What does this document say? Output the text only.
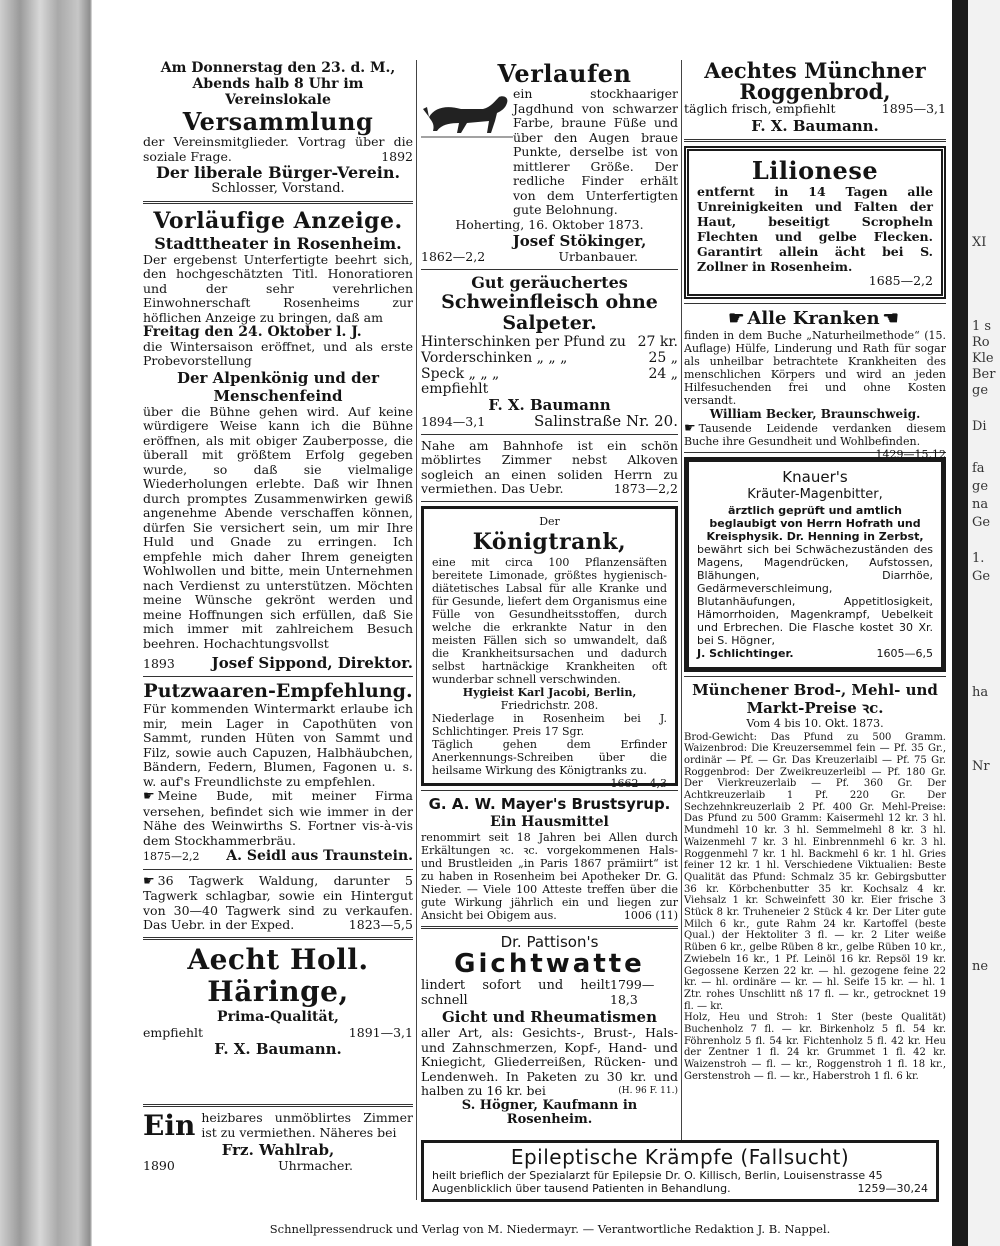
XI
1 s
Ro
Kle
Ber
ge
Di
fa
ge
na
Ge
1.
Ge
ha
Nr
ne

Am Donnerstag den 23. d. M.,

Abends halb 8 Uhr im Vereinslokale

Versammlung

der Vereinsmitglieder. Vortrag über die soziale Frage.	1892

Der liberale Bürger-Verein.
Schlosser, Vorstand.
Vorläufige Anzeige.
Stadttheater in Rosenheim.

Der ergebenst Unterfertigte beehrt sich, den hochgeschätzten Titl. Honoratioren und der sehr verehrlichen Einwohnerschaft Rosenheims zur höflichen Anzeige zu bringen, daß am

Freitag den 24. Oktober l. J.

die Wintersaison eröffnet, und als erste Probevorstellung

Der Alpenkönig und der
Menschenfeind

über die Bühne gehen wird. Auf keine würdigere Weise kann ich die Bühne eröffnen, als mit obiger Zauberposse, die überall mit größtem Erfolg gegeben wurde, so daß sie vielmalige Wiederholungen erlebte. Daß wir Ihnen durch promptes Zusammenwirken gewiß angenehme Abende verschaffen können, dürfen Sie versichert sein, um mir Ihre Huld und Gnade zu erringen. Ich empfehle mich daher Ihrem geneigten Wohlwollen und bitte, mein Unternehmen nach Verdienst zu unterstützen. Möchten meine Wünsche gekrönt werden und meine Hoffnungen sich erfüllen, daß Sie mich immer mit zahlreichem Besuch beehren. Hochachtungsvollst

1893 Josef Sippond, Direktor.
Putzwaaren-Empfehlung.

Für kommenden Wintermarkt erlaube ich mir, mein Lager in Capothüten von Sammt, runden Hüten von Sammt und Filz, sowie auch Capuzen, Halbhäubchen, Bändern, Federn, Blumen, Fagonen u. s. w. auf's Freundlichste zu empfehlen.

☛ Meine Bude, mit meiner Firma versehen, befindet sich wie immer in der Nähe des Weinwirths S. Fortner vis-à-vis dem Stockhammerbräu.

1875—2,2 A. Seidl aus Traunstein.

☛ 36 Tagwerk Waldung, darunter 5 Tagwerk schlagbar, sowie ein Hintergut von 30—40 Tagwerk sind zu verkaufen. Das Uebr. in der Exped.	1823—5,5

Aecht Holl. Häringe,
Prima-Qualität,
empfiehlt	1891—3,1
F. X. Baumann.
Ein heizbares unmöblirtes Zimmer ist zu vermiethen. Näheres bei

Frz. Wahlrab,
1890	Uhrmacher.
Verlaufen

ein stockhaariger Jagdhund von schwarzer Farbe, braune Füße und über den Augen braue Punkte, derselbe ist von mittlerer Größe. Der redliche Finder erhält von dem Unterfertigten gute Belohnung.

Hoherting, 16. Oktober 1873.

Josef Stökinger,
1862—2,2	Urbanbauer.
Gut geräuchertes
Schweinfleisch ohne Salpeter.
Hinterschinken per Pfund zu 27 kr.
Vorderschinken „ „ „	25 „
Speck „ „ „	24 „

empfiehlt

F. X. Baumann
1894—3,1	Salinstraße Nr. 20.

Nahe am Bahnhofe ist ein schön möblirtes Zimmer nebst Alkoven sogleich an einen soliden Herrn zu vermiethen. Das Uebr.	1873—2,2

Der
Königtrank,

eine mit circa 100 Pflanzensäften bereitete Limonade, größtes hygienisch-diätetisches Labsal für alle Kranke und für Gesunde, liefert dem Organismus eine Fülle von Gesundheitsstoffen, durch welche die erkrankte Natur in den meisten Fällen sich so umwandelt, daß die Krankheitsursachen und dadurch selbst hartnäckige Krankheiten oft wunderbar schnell verschwinden.

Hygieist Karl Jacobi, Berlin,

Friedrichstr. 208.

Niederlage in Rosenheim bei J. Schlichtinger. Preis 17 Sgr.

Täglich gehen dem Erfinder Anerkennungs-Schreiben über die heilsame Wirkung des Königtranks zu.
1662—4,3

G. A. W. Mayer's Brustsyrup.
Ein Hausmittel

renommirt seit 18 Jahren bei Allen durch Erkältungen ꝛc. ꝛc. vorgekommenen Hals- und Brustleiden „in Paris 1867 prämiirt“ ist zu haben in Rosenheim bei Apotheker Dr. G. Nieder. — Viele 100 Atteste treffen über die gute Wirkung jährlich ein und liegen zur Ansicht bei Obigem aus.	1006 (11)

Dr. Pattison's
Gichtwatte
lindert sofort und heilt schnell
1799—18,3
Gicht und Rheumatismen

aller Art, als: Gesichts-, Brust-, Hals- und Zahnschmerzen, Kopf-, Hand- und Kniegicht, Gliederreißen, Rücken- und Lendenweh. In Paketen zu 30 kr. und halben zu 16 kr. bei	(H. 96 F. 11.)

S. Högner, Kaufmann in Rosenheim.
Aechtes Münchner
Roggenbrod,
täglich frisch, empfiehlt	1895—3,1
F. X. Baumann.
Lilionese

entfernt in 14 Tagen alle Unreinigkeiten und Falten der Haut, beseitigt Scropheln Flechten und gelbe Flecken. Garantirt allein ächt bei S. Zollner in Rosenheim.

1685—2,2

☛ Alle Kranken ☚

finden in dem Buche „Naturheilmethode“ (15. Auflage) Hülfe, Linderung und Rath für sogar als unheilbar betrachtete Krankheiten des menschlichen Körpers und wird an jeden Hilfesuchenden frei und ohne Kosten versandt.

William Becker, Braunschweig.

☛ Tausende Leidende verdanken diesem Buche ihre Gesundheit und Wohlbefinden.
1429—15,12

Knauer's
Kräuter-Magenbitter,

ärztlich geprüft und amtlich beglaubigt von Herrn Hofrath und Kreisphysik. Dr. Henning in Zerbst,

bewährt sich bei Schwächezuständen des Magens, Magendrücken, Aufstossen, Blähungen, Diarrhöe, Gedärmeverschleimung, Blutanhäufungen, Appetitlosigkeit, Hämorrhoiden, Magenkrampf, Uebelkeit und Erbrechen. Die Flasche kostet 30 Xr. bei S. Högner,

J. Schlichtinger.	1605—6,5
Münchener Brod-, Mehl- und
Markt-Preise ꝛc.
Vom 4 bis 10. Okt. 1873.

Brod-Gewicht: Das Pfund zu 500 Gramm. Waizenbrod: Die Kreuzersemmel fein — Pf. 35 Gr., ordinär — Pf. — Gr. Das Kreuzerlaibl — Pf. 75 Gr. Roggenbrod: Der Zweikreuzerleibl — Pf. 180 Gr. Der Vierkreuzerlaib — Pf. 360 Gr. Der Achtkreuzerlaib 1 Pf. 220 Gr. Der Sechzehnkreuzerlaib 2 Pf. 400 Gr. Mehl-Preise: Das Pfund zu 500 Gramm: Kaisermehl 12 kr. 3 hl. Mundmehl 10 kr. 3 hl. Semmelmehl 8 kr. 3 hl. Waizenmehl 7 kr. 3 hl. Einbrennmehl 6 kr. 3 hl. Roggenmehl 7 kr. 1 hl. Backmehl 6 kr. 1 hl. Gries feiner 12 kr. 1 hl. Verschiedene Viktualien: Beste Qualität das Pfund: Schmalz 35 kr. Gebirgsbutter 36 kr. Körbchenbutter 35 kr. Kochsalz 4 kr. Viehsalz 1 kr. Schweinfett 30 kr. Eier frische 3 Stück 8 kr. Truheneier 2 Stück 4 kr. Der Liter gute Milch 6 kr., gute Rahm 24 kr. Kartoffel (beste Qual.) der Hektoliter 3 fl. — kr. 2 Liter weiße Rüben 6 kr., gelbe Rüben 8 kr., gelbe Rüben 10 kr., Zwiebeln 16 kr., 1 Pf. Leinöl 16 kr. Repsöl 19 kr. Gegossene Kerzen 22 kr. — hl. gezogene feine 22 kr. — hl. ordinäre — kr. — hl. Seife 15 kr. — hl. 1 Ztr. rohes Unschlitt nß 17 fl. — kr., getrocknet 19 fl. — kr.

Holz, Heu und Stroh: 1 Ster (beste Qualität) Buchenholz 7 fl. — kr. Birkenholz 5 fl. 54 kr. Föhrenholz 5 fl. 54 kr. Fichtenholz 5 fl. 42 kr. Heu der Zentner 1 fl. 24 kr. Grummet 1 fl. 42 kr. Waizenstroh — fl. — kr., Roggenstroh 1 fl. 18 kr., Gerstenstroh — fl. — kr., Haberstroh 1 fl. 6 kr.

Epileptische Krämpfe (Fallsucht)
heilt brieflich der Spezialarzt für Epilepsie Dr. O. Killisch, Berlin, Louisenstrasse 45
Augenblicklich über tausend Patienten in Behandlung.	1259—30,24
Schnellpressendruck und Verlag von M. Niedermayr. — Verantwortliche Redaktion J. B. Nappel.
